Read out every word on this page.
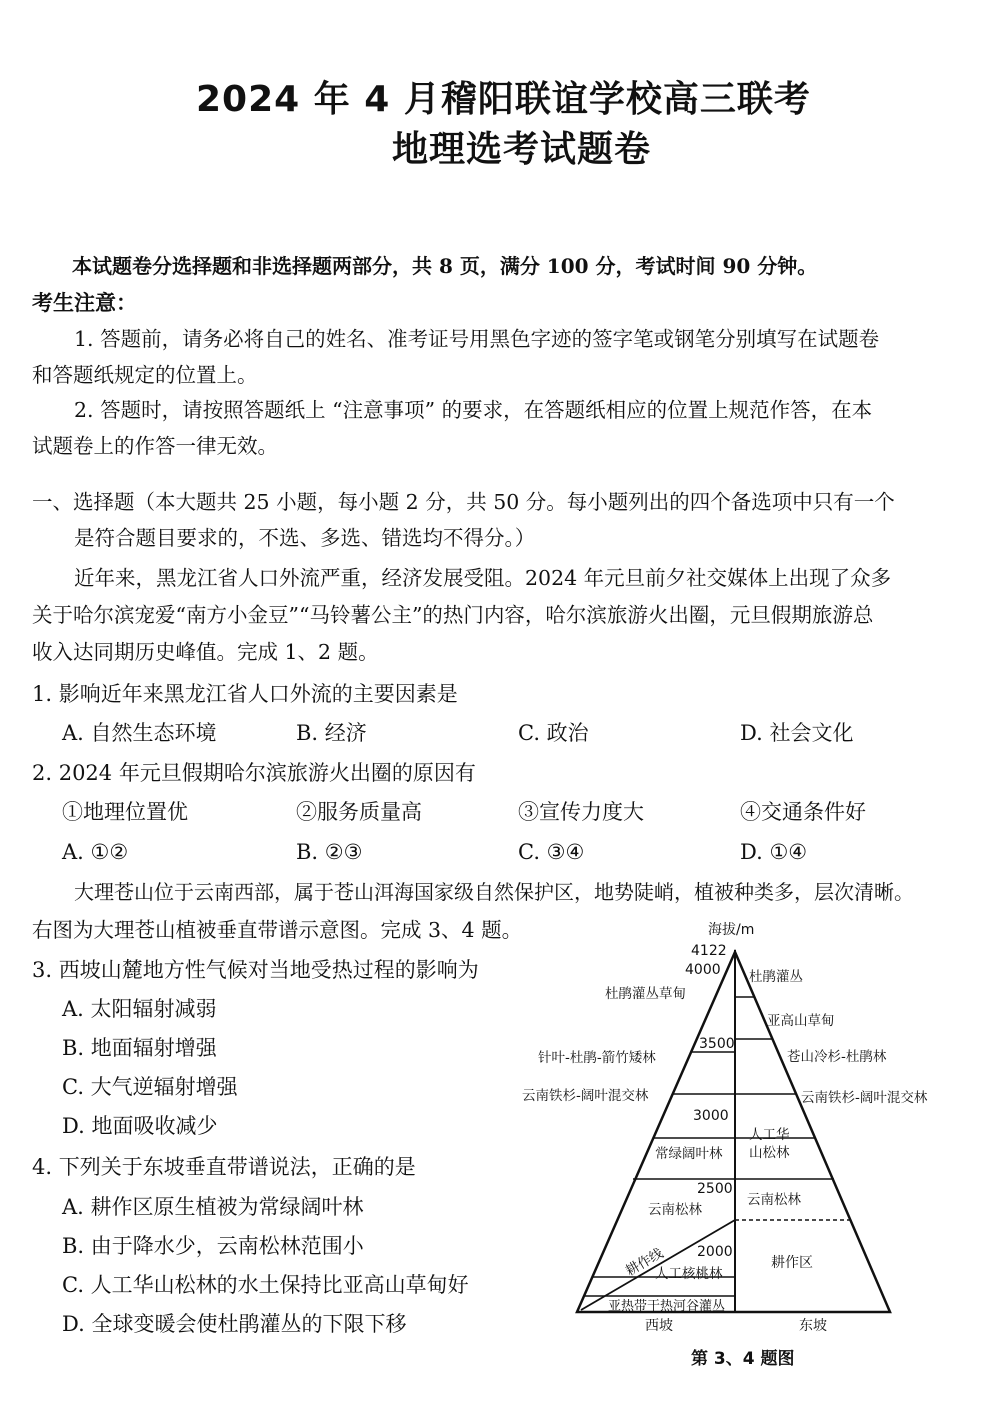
2024 年 4 月稽阳联谊学校高三联考
地理选考试题卷
本试题卷分选择题和非选择题两部分，共 8 页，满分 100 分，考试时间 90 分钟。
考生注意：
1. 答题前，请务必将自己的姓名、准考证号用黑色字迹的签字笔或钢笔分别填写在试题卷
和答题纸规定的位置上。
2. 答题时，请按照答题纸上 “注意事项” 的要求，在答题纸相应的位置上规范作答，在本
试题卷上的作答一律无效。
一、选择题（本大题共 25 小题，每小题 2 分，共 50 分。每小题列出的四个备选项中只有一个
是符合题目要求的，不选、多选、错选均不得分。）
近年来，黑龙江省人口外流严重，经济发展受阻。2024 年元旦前夕社交媒体上出现了众多
关于哈尔滨宠爱“南方小金豆”“马铃薯公主”的热门内容，哈尔滨旅游火出圈，元旦假期旅游总
收入达同期历史峰值。完成 1、2 题。
1. 影响近年来黑龙江省人口外流的主要因素是
A. 自然生态环境	B. 经济	C. 政治	D. 社会文化
2. 2024 年元旦假期哈尔滨旅游火出圈的原因有
①地理位置优	②服务质量高	③宣传力度大	④交通条件好
A. ①②	B. ②③	C. ③④	D. ①④
大理苍山位于云南西部，属于苍山洱海国家级自然保护区，地势陡峭，植被种类多，层次清晰。
右图为大理苍山植被垂直带谱示意图。完成 3、4 题。
3. 西坡山麓地方性气候对当地受热过程的影响为
A. 太阳辐射减弱
B. 地面辐射增强
C. 大气逆辐射增强
D. 地面吸收减少
4. 下列关于东坡垂直带谱说法，正确的是
A. 耕作区原生植被为常绿阔叶林
B. 由于降水少，云南松林范围小
C. 人工华山松林的水土保持比亚高山草甸好
D. 全球变暖会使杜鹃灌丛的下限下移
海拔/m
4122
4000
3500
3000
2500
2000
杜鹃灌丛草甸
针叶-杜鹃-箭竹矮林
云南铁杉-阔叶混交林
常绿阔叶林
云南松林
人工核桃林
亚热带干热河谷灌丛
耕作线
杜鹃灌丛
亚高山草甸
苍山冷杉-杜鹃林
云南铁杉-阔叶混交林
人工华
山松林
云南松林
耕作区
西坡	东坡
第 3、4 题图
